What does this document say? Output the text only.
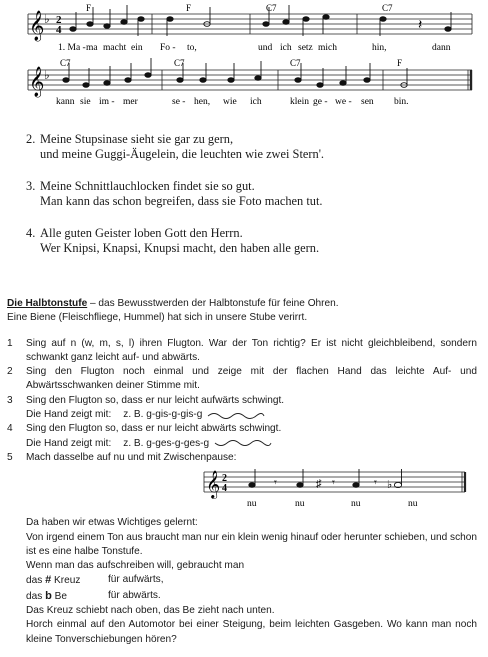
𝄞 ♭ 2
4	𝄽
F	F	C7	C7
1. Ma - ma macht ein Fo - to,	und ich setz mich	hin,	dann
𝄞 ♭
C7	C7	C7	F
kann sie im - mer	se - hen, wie ich	klein ge - we - sen bin.
2. Meine Stupsinase sieht sie gar zu gern,
und meine Guggi-Äugelein, die leuchten wie zwei Stern'.
3. Meine Schnittlauchlocken findet sie so gut.
Man kann das schon begreifen, dass sie Foto machen tut.
4. Alle guten Geister loben Gott den Herrn.
Wer Knipsi, Knapsi, Knupsi macht, den haben alle gern.
Die Halbtonstufe – das Bewusstwerden der Halbtonstufe für feine Ohren.
Eine Biene (Fleischfliege, Hummel) hat sich in unsere Stube verirrt.
1	Sing auf n (w, m, s, l) ihren Flugton. War der Ton richtig? Er ist nicht gleichbleibend, sondern schwankt ganz leicht auf- und abwärts.
2	Sing den Flugton noch einmal und zeige mit der flachen Hand das leichte Auf- und Abwärtsschwanken deiner Stimme mit.
3	Sing den Flugton so, dass er nur leicht aufwärts schwingt.
Die Hand zeigt mit: z. B. g-gis-g-gis-g
4	Sing den Flugton so, dass er nur leicht abwärts schwingt.
Die Hand zeigt mit: z. B. g-ges-g-ges-g
5	Mach dasselbe auf nu und mit Zwischenpause:
𝄞 2
4	𝄾	♯ 𝄾	𝄾 ♭
nu	nu	nu	nu
Da haben wir etwas Wichtiges gelernt:
Von irgend einem Ton aus braucht man nur ein klein wenig hinauf oder herunter schieben, und schon ist es eine halbe Tonstufe.
Wenn man das aufschreiben will, gebraucht man
das # Kreuz	für aufwärts,
das b Be	für abwärts.
Das Kreuz schiebt nach oben, das Be zieht nach unten.
Horch einmal auf den Automotor bei einer Steigung, beim leichten Gasgeben. Wo kann man noch kleine Tonverschiebungen hören?
